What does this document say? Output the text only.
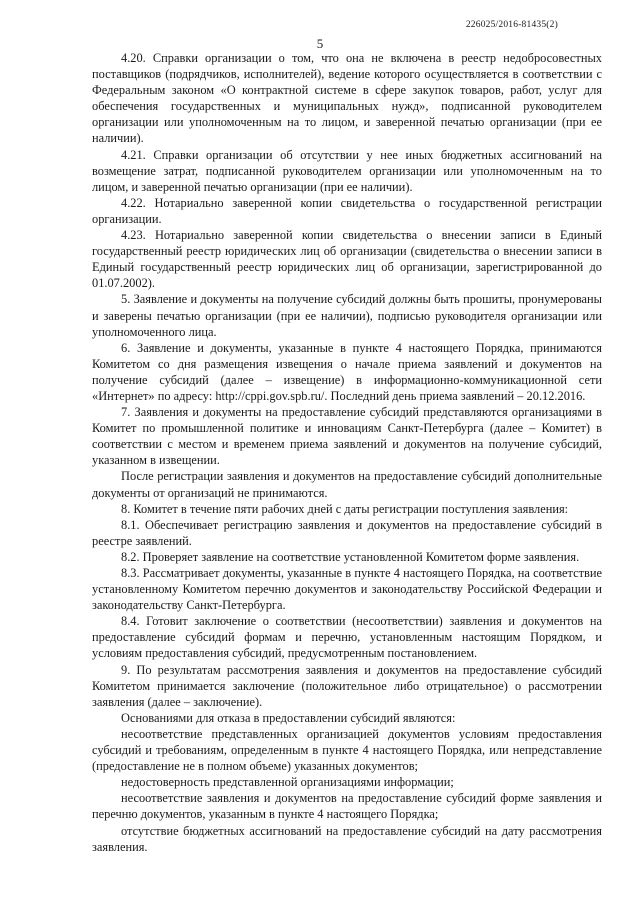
226025/2016-81435(2)
5

4.20. Справки организации о том, что она не включена в реестр недобросовестных поставщиков (подрядчиков, исполнителей), ведение которого осуществляется в соответствии с Федеральным законом «О контрактной системе в сфере закупок товаров, работ, услуг для обеспечения государственных и муниципальных нужд», подписанной руководителем организации или уполномоченным на то лицом, и заверенной печатью организации (при ее наличии).

4.21. Справки организации об отсутствии у нее иных бюджетных ассигнований на возмещение затрат, подписанной руководителем организации или уполномоченным на то лицом, и заверенной печатью организации (при ее наличии).

4.22. Нотариально заверенной копии свидетельства о государственной регистрации организации.

4.23. Нотариально заверенной копии свидетельства о внесении записи в Единый государственный реестр юридических лиц об организации (свидетельства о внесении записи в Единый государственный реестр юридических лиц об организации, зарегистрированной до 01.07.2002).

5. Заявление и документы на получение субсидий должны быть прошиты, пронумерованы и заверены печатью организации (при ее наличии), подписью руководителя организации или уполномоченного лица.

6. Заявление и документы, указанные в пункте 4 настоящего Порядка, принимаются Комитетом со дня размещения извещения о начале приема заявлений и документов на получение субсидий (далее – извещение) в информационно-коммуникационной сети «Интернет» по адресу: http://cppi.gov.spb.ru/. Последний день приема заявлений – 20.12.2016.

7. Заявления и документы на предоставление субсидий представляются организациями в Комитет по промышленной политике и инновациям Санкт-Петербурга (далее – Комитет) в соответствии с местом и временем приема заявлений и документов на получение субсидий, указанном в извещении.

После регистрации заявления и документов на предоставление субсидий дополнительные документы от организаций не принимаются.

8. Комитет в течение пяти рабочих дней с даты регистрации поступления заявления:

8.1. Обеспечивает регистрацию заявления и документов на предоставление субсидий в реестре заявлений.

8.2. Проверяет заявление на соответствие установленной Комитетом форме заявления.

8.3. Рассматривает документы, указанные в пункте 4 настоящего Порядка, на соответствие установленному Комитетом перечню документов и законодательству Российской Федерации и законодательству Санкт-Петербурга.

8.4. Готовит заключение о соответствии (несоответствии) заявления и документов на предоставление субсидий формам и перечню, установленным настоящим Порядком, и условиям предоставления субсидий, предусмотренным постановлением.

9. По результатам рассмотрения заявления и документов на предоставление субсидий Комитетом принимается заключение (положительное либо отрицательное) о рассмотрении заявления (далее – заключение).

Основаниями для отказа в предоставлении субсидий являются:

несоответствие представленных организацией документов условиям предоставления субсидий и требованиям, определенным в пункте 4 настоящего Порядка, или непредставление (предоставление не в полном объеме) указанных документов;

недостоверность представленной организациями информации;

несоответствие заявления и документов на предоставление субсидий форме заявления и перечню документов, указанным в пункте 4 настоящего Порядка;

отсутствие бюджетных ассигнований на предоставление субсидий на дату рассмотрения заявления.
